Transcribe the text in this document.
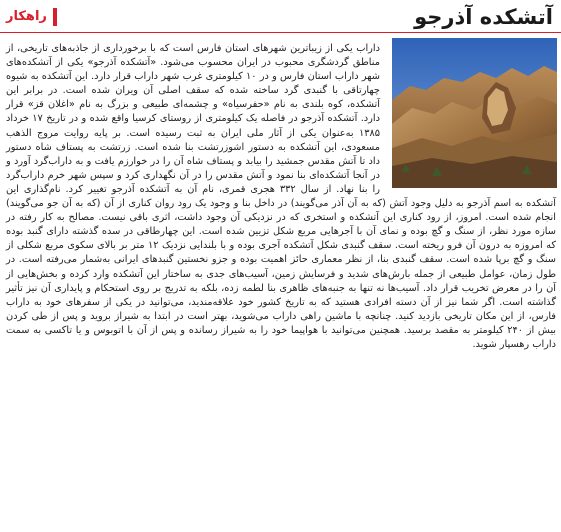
آتشکده آذرجو
راهکار

داراب یکی از زیباترین شهرهای استان فارس است که با برخورداری از جاذبه‌های تاریخی، از مناطق گردشگری محبوب در ایران محسوب می‌شود. «آتشکده آذرجو» یکی از آتشکده‌های شهر داراب استان فارس و در ۱۰ کیلومتری غرب شهر داراب قرار دارد. این آتشکده به شیوه چهارتاقی با گنبدی گرد ساخته شده که سقف اصلی آن ویران شده است. در برابر این آتشکده، کوه بلندی به نام «حفرسیاه» و چشمه‌ای طبیعی و بزرگ به نام «اغلان قز» قرار دارد. آتشکده آذرجو در فاصله یک کیلومتری از روستای کرسیا واقع شده و در تاریخ ۱۷ خرداد ۱۳۸۵ به‌عنوان یکی از آثار ملی ایران به ثبت رسیده است. بر پایه روایت مروج الذهب مسعودی، این آتشکده به دستور اشوزرتشت بنا شده است. زرتشت به پستاف شاه دستور داد تا آتش مقدس جمشید را بیابد و پستاف شاه آن را در خوارزم یافت و به داراب‌گرد آورد و در آنجا آتشکده‌ای بنا نمود و آتش مقدس را در آن نگهداری کرد و سپس شهر خرم داراب‌گرد را بنا نهاد. از سال ۳۳۲ هجری قمری، نام آن به آتشکده آذرجو تغییر کرد. نام‌گذاری این آتشکده به اسم آذرجو به دلیل وجود آتش (که به آن آذر می‌گویند) در داخل بنا و وجود یک رود روان کناری از آن (که به آن جو می‌گویند) انجام شده است. امروز، از رود کناری این آتشکده و استخری که در نزدیکی آن وجود داشت، اثری باقی نیست. مصالح به کار رفته در سازه مورد نظر، از سنگ و گچ بوده و نمای آن با آجرهایی مربع شکل تزیین شده است. این چهارطاقی در سده گذشته دارای گنبد بوده که امروزه به درون آن فرو ریخته است. سقف گنبدی شکل آتشکده آجری بوده و با بلندایی نزدیک ۱۲ متر بر بالای سکوی مربع شکلی از سنگ و گچ برپا شده است. سقف گنبدی بنا، از نظر معماری حائز اهمیت بوده و جزو نخستین گنبدهای ایرانی به‌شمار می‌رفته است. در طول زمان، عوامل طبیعی از جمله بارش‌های شدید و فرسایش زمین، آسیب‌های جدی به ساختار این آتشکده وارد کرده و بخش‌هایی از آن را در معرض تخریب قرار داد. آسیب‌ها نه تنها به جنبه‌های ظاهری بنا لطمه زده، بلکه به تدریج بر روی استحکام و پایداری آن نیز تأثیر گذاشته است. اگر شما نیز از آن دسته افرادی هستید که به تاریخ کشور خود علاقه‌مندید، می‌توانید در یکی از سفرهای خود به داراب فارس، از این مکان تاریخی بازدید کنید. چنانچه با ماشین راهی داراب می‌شوید، بهتر است در ابتدا به شیراز بروید و پس از طی کردن بیش از ۲۴۰ کیلومتر به مقصد برسید. همچنین می‌توانید با هواپیما خود را به شیراز رسانده و پس از آن با اتوبوس و یا تاکسی به سمت داراب رهسپار شوید.
